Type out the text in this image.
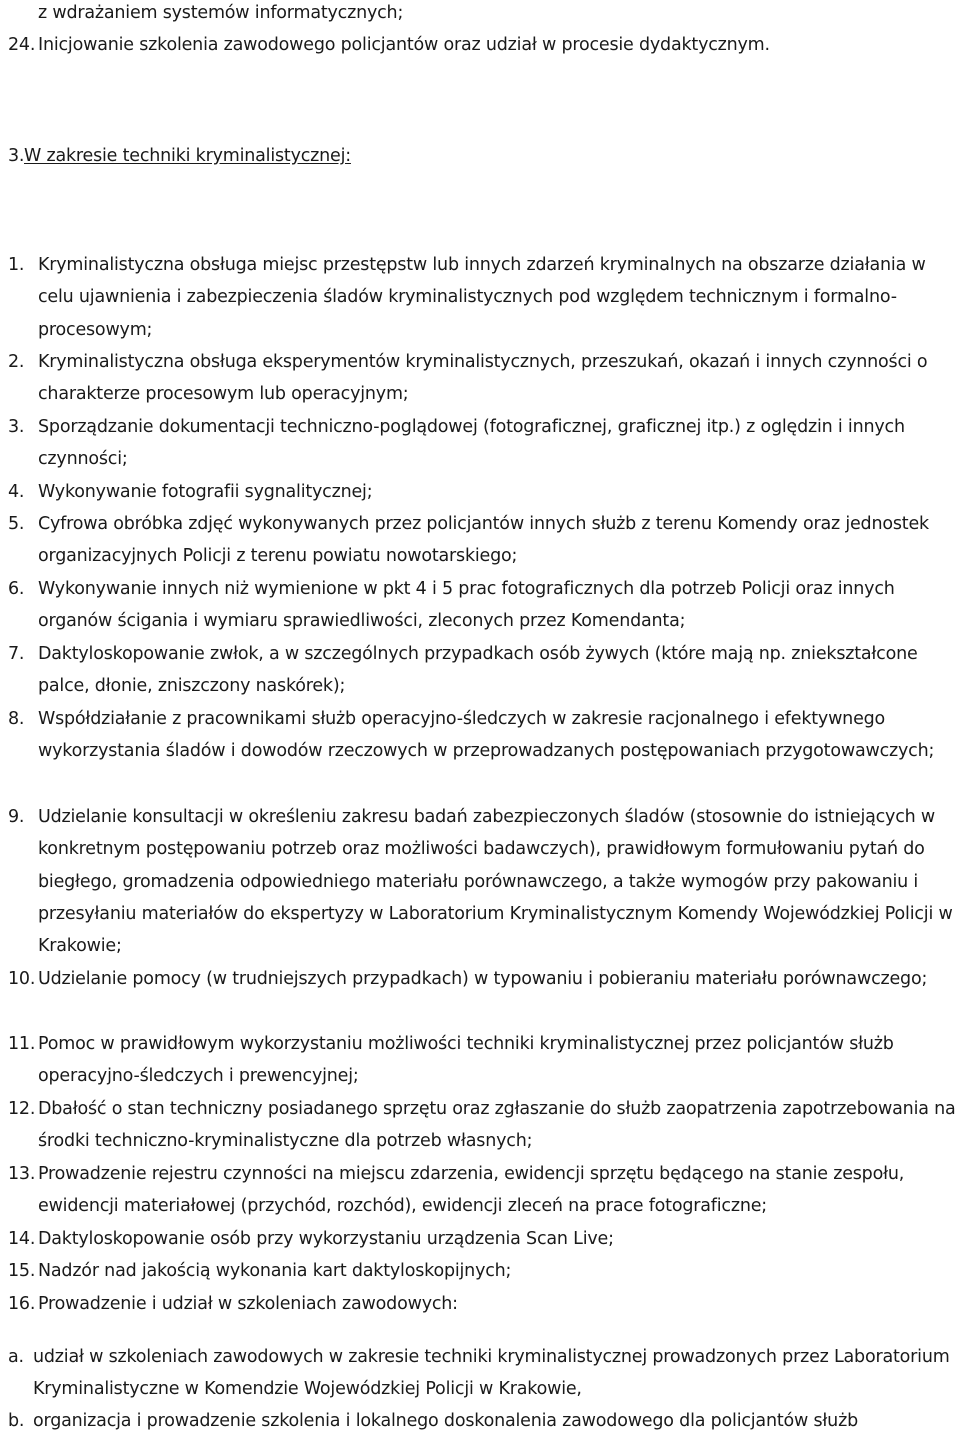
z wdrażaniem systemów informatycznych;
24. Inicjowanie szkolenia zawodowego policjantów oraz udział w procesie dydaktycznym.
3. W zakresie techniki kryminalistycznej:
1. Kryminalistyczna obsługa miejsc przestępstw lub innych zdarzeń kryminalnych na obszarze działania w celu ujawnienia i zabezpieczenia śladów kryminalistycznych pod względem technicznym i formalno-procesowym;
2. Kryminalistyczna obsługa eksperymentów kryminalistycznych, przeszukań, okazań i innych czynności o charakterze procesowym lub operacyjnym;
3. Sporządzanie dokumentacji techniczno-poglądowej (fotograficznej, graficznej itp.) z oględzin i innych czynności;
4. Wykonywanie fotografii sygnalitycznej;
5. Cyfrowa obróbka zdjęć wykonywanych przez policjantów innych służb z terenu Komendy oraz jednostek organizacyjnych Policji z terenu powiatu nowotarskiego;
6. Wykonywanie innych niż wymienione w pkt 4 i 5 prac fotograficznych dla potrzeb Policji oraz innych organów ścigania i wymiaru sprawiedliwości, zleconych przez Komendanta;
7. Daktyloskopowanie zwłok, a w szczególnych przypadkach osób żywych (które mają np. zniekształcone palce, dłonie, zniszczony naskórek);
8. Współdziałanie z pracownikami służb operacyjno-śledczych w zakresie racjonalnego i efektywnego wykorzystania śladów i dowodów rzeczowych w przeprowadzanych postępowaniach przygotowawczych;
9. Udzielanie konsultacji w określeniu zakresu badań zabezpieczonych śladów (stosownie do istniejących w konkretnym postępowaniu potrzeb oraz możliwości badawczych), prawidłowym formułowaniu pytań do biegłego, gromadzenia odpowiedniego materiału porównawczego, a także wymogów przy pakowaniu i przesyłaniu materiałów do ekspertyzy w Laboratorium Kryminalistycznym Komendy Wojewódzkiej Policji w Krakowie;
10. Udzielanie pomocy (w trudniejszych przypadkach) w typowaniu i pobieraniu materiału porównawczego;
11. Pomoc w prawidłowym wykorzystaniu możliwości techniki kryminalistycznej przez policjantów służb operacyjno-śledczych i prewencyjnej;
12. Dbałość o stan techniczny posiadanego sprzętu oraz zgłaszanie do służb zaopatrzenia zapotrzebowania na środki techniczno-kryminalistyczne dla potrzeb własnych;
13. Prowadzenie rejestru czynności na miejscu zdarzenia, ewidencji sprzętu będącego na stanie zespołu, ewidencji materiałowej (przychód, rozchód), ewidencji zleceń na prace fotograficzne;
14. Daktyloskopowanie osób przy wykorzystaniu urządzenia Scan Live;
15. Nadzór nad jakością wykonania kart daktyloskopijnych;
16. Prowadzenie i udział w szkoleniach zawodowych:
a. udział w szkoleniach zawodowych w zakresie techniki kryminalistycznej prowadzonych przez Laboratorium Kryminalistyczne w Komendzie Wojewódzkiej Policji w Krakowie,
b. organizacja i prowadzenie szkolenia i lokalnego doskonalenia zawodowego dla policjantów służb
